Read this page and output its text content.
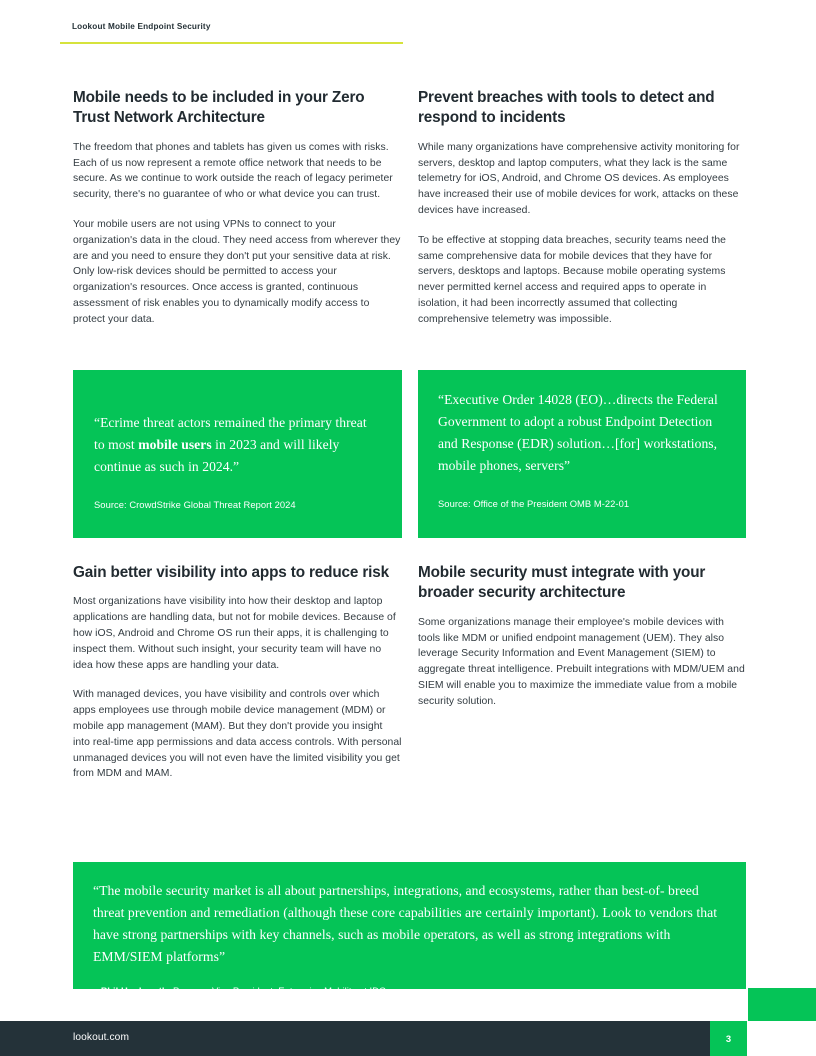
Lookout Mobile Endpoint Security

Mobile needs to be included in your Zero Trust Network Architecture

The freedom that phones and tablets has given us comes with risks. Each of us now represent a remote office network that needs to be secure. As we continue to work outside the reach of legacy perimeter security, there's no guarantee of who or what device you can trust.

Your mobile users are not using VPNs to connect to your organization's data in the cloud. They need access from wherever they are and you need to ensure they don't put your sensitive data at risk. Only low-risk devices should be permitted to access your organization's resources. Once access is granted, continuous assessment of risk enables you to dynamically modify access to protect your data.

Prevent breaches with tools to detect and respond to incidents

While many organizations have comprehensive activity monitoring for servers, desktop and laptop computers, what they lack is the same telemetry for iOS, Android, and Chrome OS devices. As employees have increased their use of mobile devices for work, attacks on these devices have increased.

To be effective at stopping data breaches, security teams need the same comprehensive data for mobile devices that they have for servers, desktops and laptops. Because mobile operating systems never permitted kernel access and required apps to operate in isolation, it had been incorrectly assumed that collecting comprehensive telemetry was impossible.

“Ecrime threat actors remained the primary threat to most mobile users in 2023 and will likely continue as such in 2024.”

Source: CrowdStrike Global Threat Report 2024

“Executive Order 14028 (EO)…directs the Federal Government to adopt a robust Endpoint Detection and Response (EDR) solution…[for] workstations, mobile phones, servers”

Source: Office of the President OMB M-22-01

Gain better visibility into apps to reduce risk

Most organizations have visibility into how their desktop and laptop applications are handling data, but not for mobile devices. Because of how iOS, Android and Chrome OS run their apps, it is challenging to inspect them. Without such insight, your security team will have no idea how these apps are handling your data.

With managed devices, you have visibility and controls over which apps employees use through mobile device management (MDM) or mobile app management (MAM). But they don't provide you insight into real-time app permissions and data access controls. With personal unmanaged devices you will not even have the limited visibility you get from MDM and MAM.

Mobile security must integrate with your broader security architecture

Some organizations manage their employee's mobile devices with tools like MDM or unified endpoint management (UEM). They also leverage Security Information and Event Management (SIEM) to aggregate threat intelligence. Prebuilt integrations with MDM/UEM and SIEM will enable you to maximize the immediate value from a mobile security solution.

“The mobile security market is all about partnerships, integrations, and ecosystems, rather than best-of- breed threat prevention and remediation (although these core capabilities are certainly important). Look to vendors that have strong partnerships with key channels, such as mobile operators, as well as strong integrations with EMM/SIEM platforms”

– Phil Hochmuth, Program Vice President, Enterprise Mobility at IDC.

lookout.com	3
